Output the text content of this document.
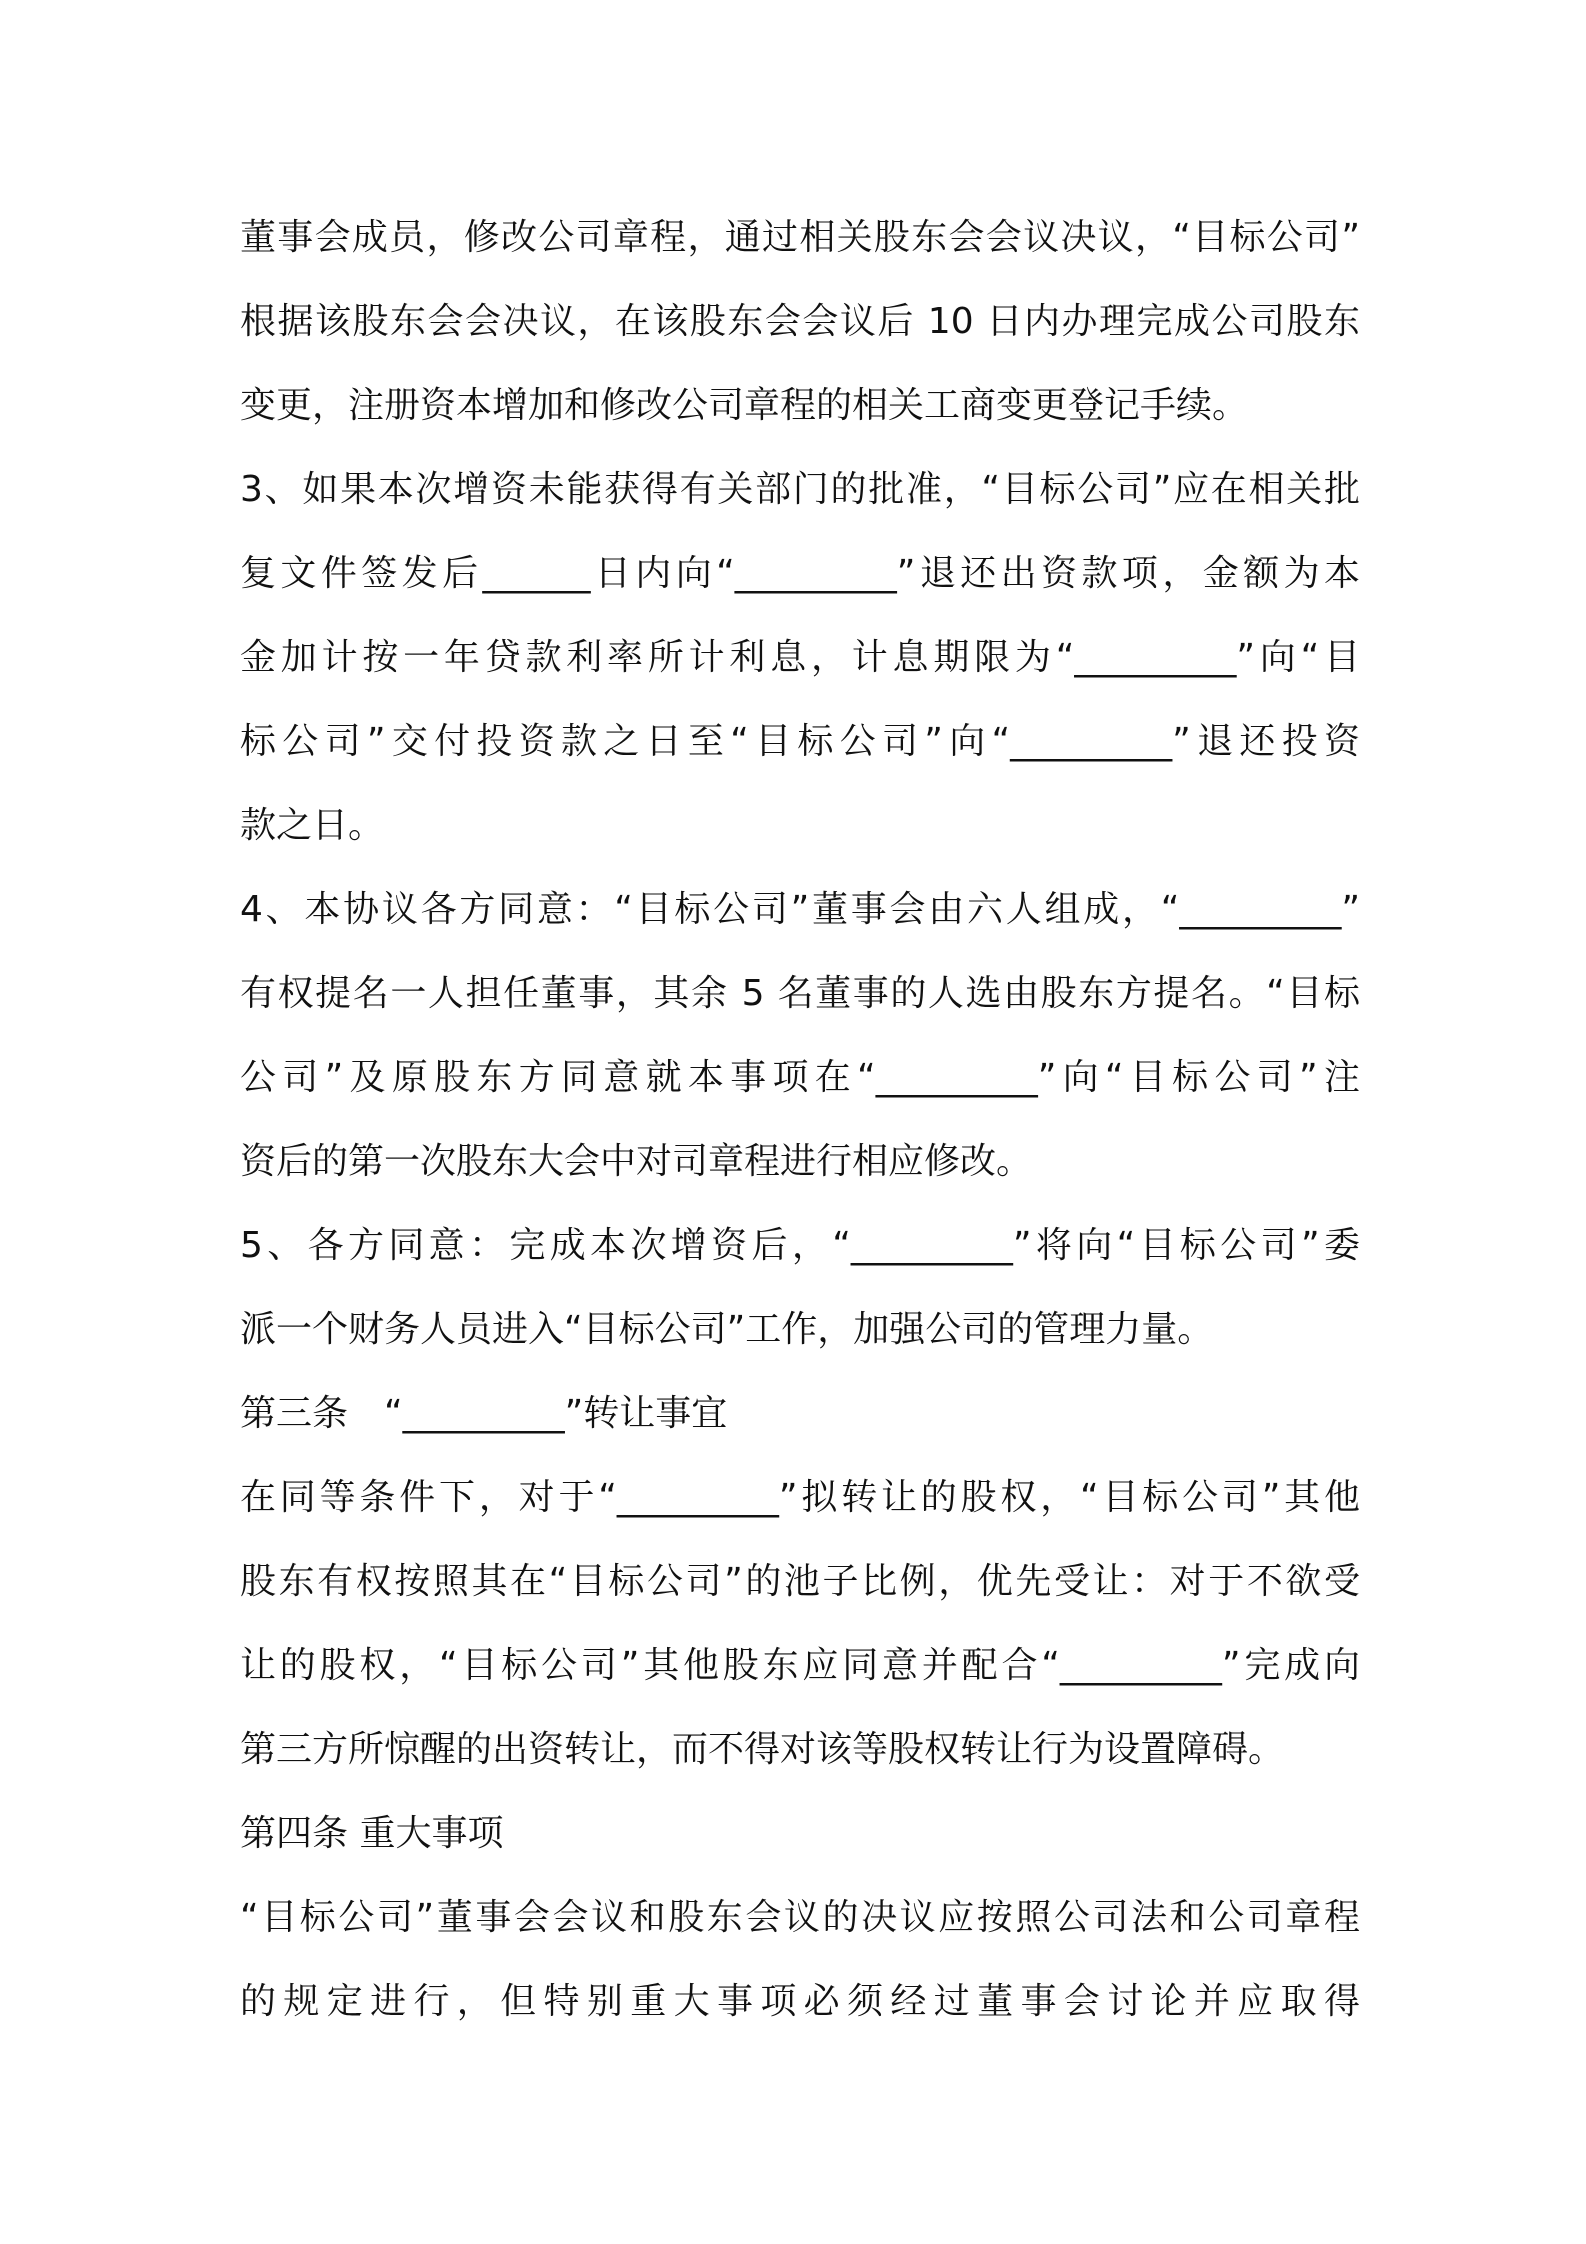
董事会成员，修改公司章程，通过相关股东会会议决议，“目标公司”
根据该股东会会决议，在该股东会会议后 10 日内办理完成公司股东
变更，注册资本增加和修改公司章程的相关工商变更登记手续。
3、如果本次增资未能获得有关部门的批准，“目标公司”应在相关批
复文件签发后______日内向“_________”退还出资款项，金额为本
金加计按一年贷款利率所计利息，计息期限为“_________”向“目
标公司”交付投资款之日至“目标公司”向“_________”退还投资
款之日。
4、本协议各方同意：“目标公司”董事会由六人组成，“_________”
有权提名一人担任董事，其余 5 名董事的人选由股东方提名。“目标
公司”及原股东方同意就本事项在“_________”向“目标公司”注
资后的第一次股东大会中对司章程进行相应修改。
5、各方同意：完成本次增资后，“_________”将向“目标公司”委
派一个财务人员进入“目标公司”工作，加强公司的管理力量。
第三条　“_________”转让事宜
在同等条件下，对于“_________”拟转让的股权，“目标公司”其他
股东有权按照其在“目标公司”的池子比例，优先受让：对于不欲受
让的股权，“目标公司”其他股东应同意并配合“_________”完成向
第三方所惊醒的出资转让，而不得对该等股权转让行为设置障碍。
第四条 重大事项
“目标公司”董事会会议和股东会议的决议应按照公司法和公司章程
的规定进行，但特别重大事项必须经过董事会讨论并应取得
